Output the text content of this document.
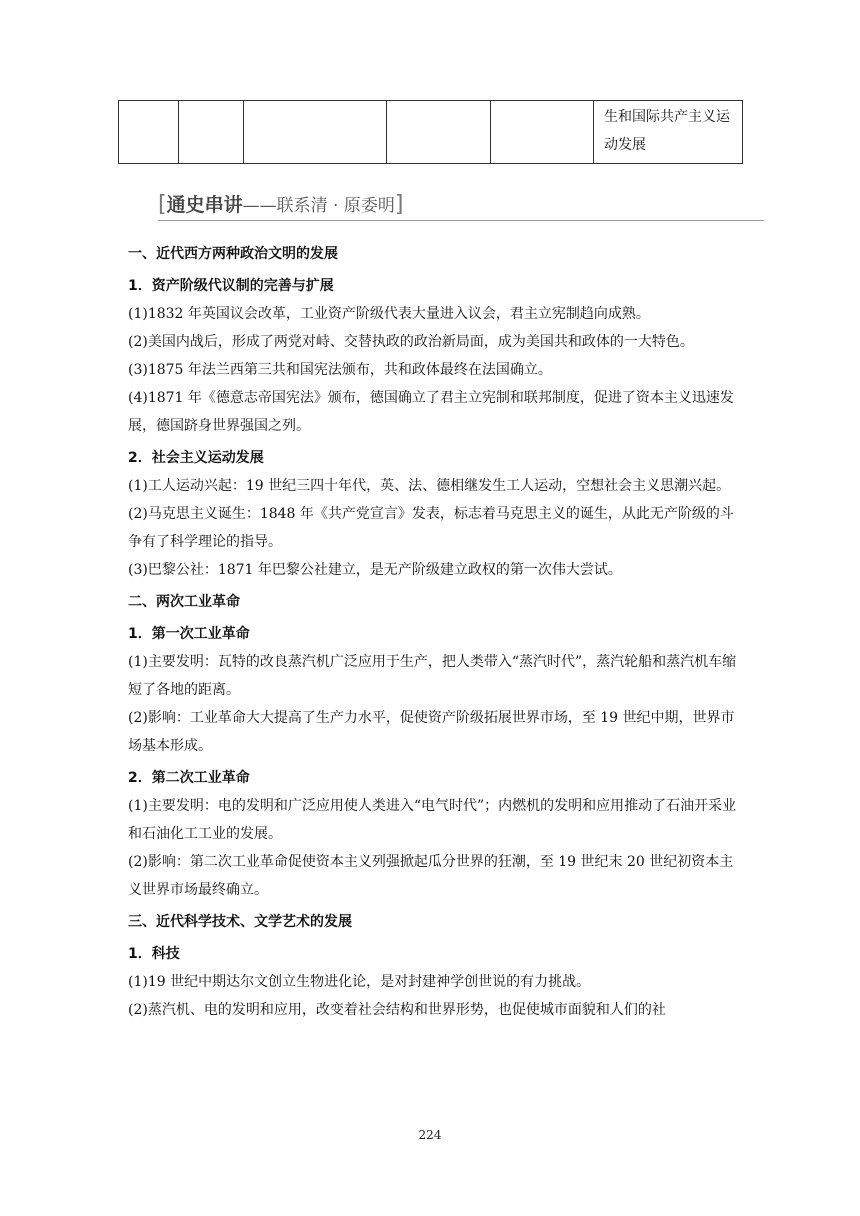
					生和国际共产主义运动发展
[通史串讲——联系清 · 原委明]

一、近代西方两种政治文明的发展

1．资产阶级代议制的完善与扩展

(1)1832 年英国议会改革，工业资产阶级代表大量进入议会，君主立宪制趋向成熟。

(2)美国内战后，形成了两党对峙、交替执政的政治新局面，成为美国共和政体的一大特色。

(3)1875 年法兰西第三共和国宪法颁布，共和政体最终在法国确立。

(4)1871 年《德意志帝国宪法》颁布，德国确立了君主立宪制和联邦制度，促进了资本主义迅速发展，德国跻身世界强国之列。

2．社会主义运动发展

(1)工人运动兴起：19 世纪三四十年代，英、法、德相继发生工人运动，空想社会主义思潮兴起。

(2)马克思主义诞生：1848 年《共产党宣言》发表，标志着马克思主义的诞生，从此无产阶级的斗争有了科学理论的指导。

(3)巴黎公社：1871 年巴黎公社建立，是无产阶级建立政权的第一次伟大尝试。

二、两次工业革命

1．第一次工业革命

(1)主要发明：瓦特的改良蒸汽机广泛应用于生产，把人类带入“蒸汽时代”，蒸汽轮船和蒸汽机车缩短了各地的距离。

(2)影响：工业革命大大提高了生产力水平，促使资产阶级拓展世界市场，至 19 世纪中期，世界市场基本形成。

2．第二次工业革命

(1)主要发明：电的发明和广泛应用使人类进入“电气时代”；内燃机的发明和应用推动了石油开采业和石油化工工业的发展。

(2)影响：第二次工业革命促使资本主义列强掀起瓜分世界的狂潮，至 19 世纪末 20 世纪初资本主义世界市场最终确立。

三、近代科学技术、文学艺术的发展

1．科技

(1)19 世纪中期达尔文创立生物进化论，是对封建神学创世说的有力挑战。

(2)蒸汽机、电的发明和应用，改变着社会结构和世界形势，也促使城市面貌和人们的社

224
